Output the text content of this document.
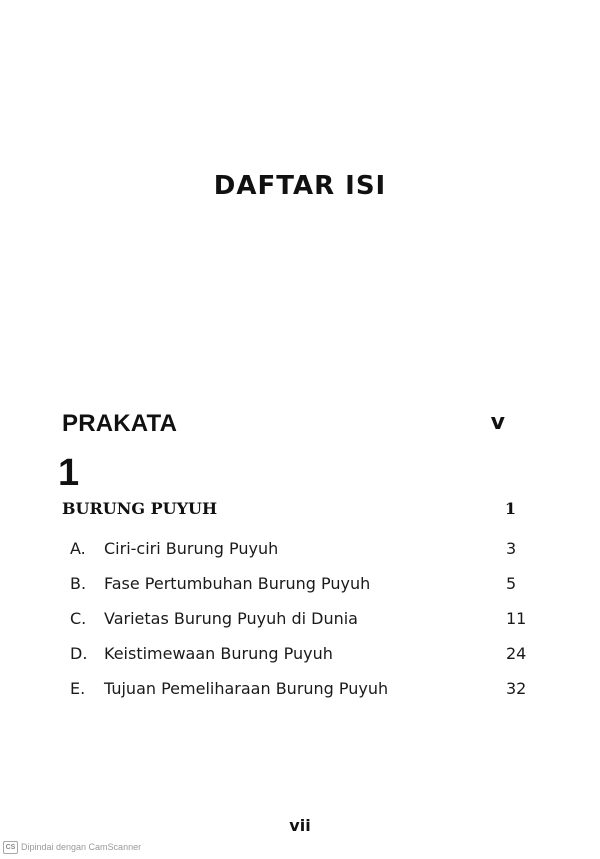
DAFTAR ISI
PRAKATA	v
1
BURUNG PUYUH	1
A. Ciri-ciri Burung Puyuh	3
B. Fase Pertumbuhan Burung Puyuh	5
C. Varietas Burung Puyuh di Dunia	11
D. Keistimewaan Burung Puyuh	24
E. Tujuan Pemeliharaan Burung Puyuh	32
vii
CS Dipindai dengan CamScanner
